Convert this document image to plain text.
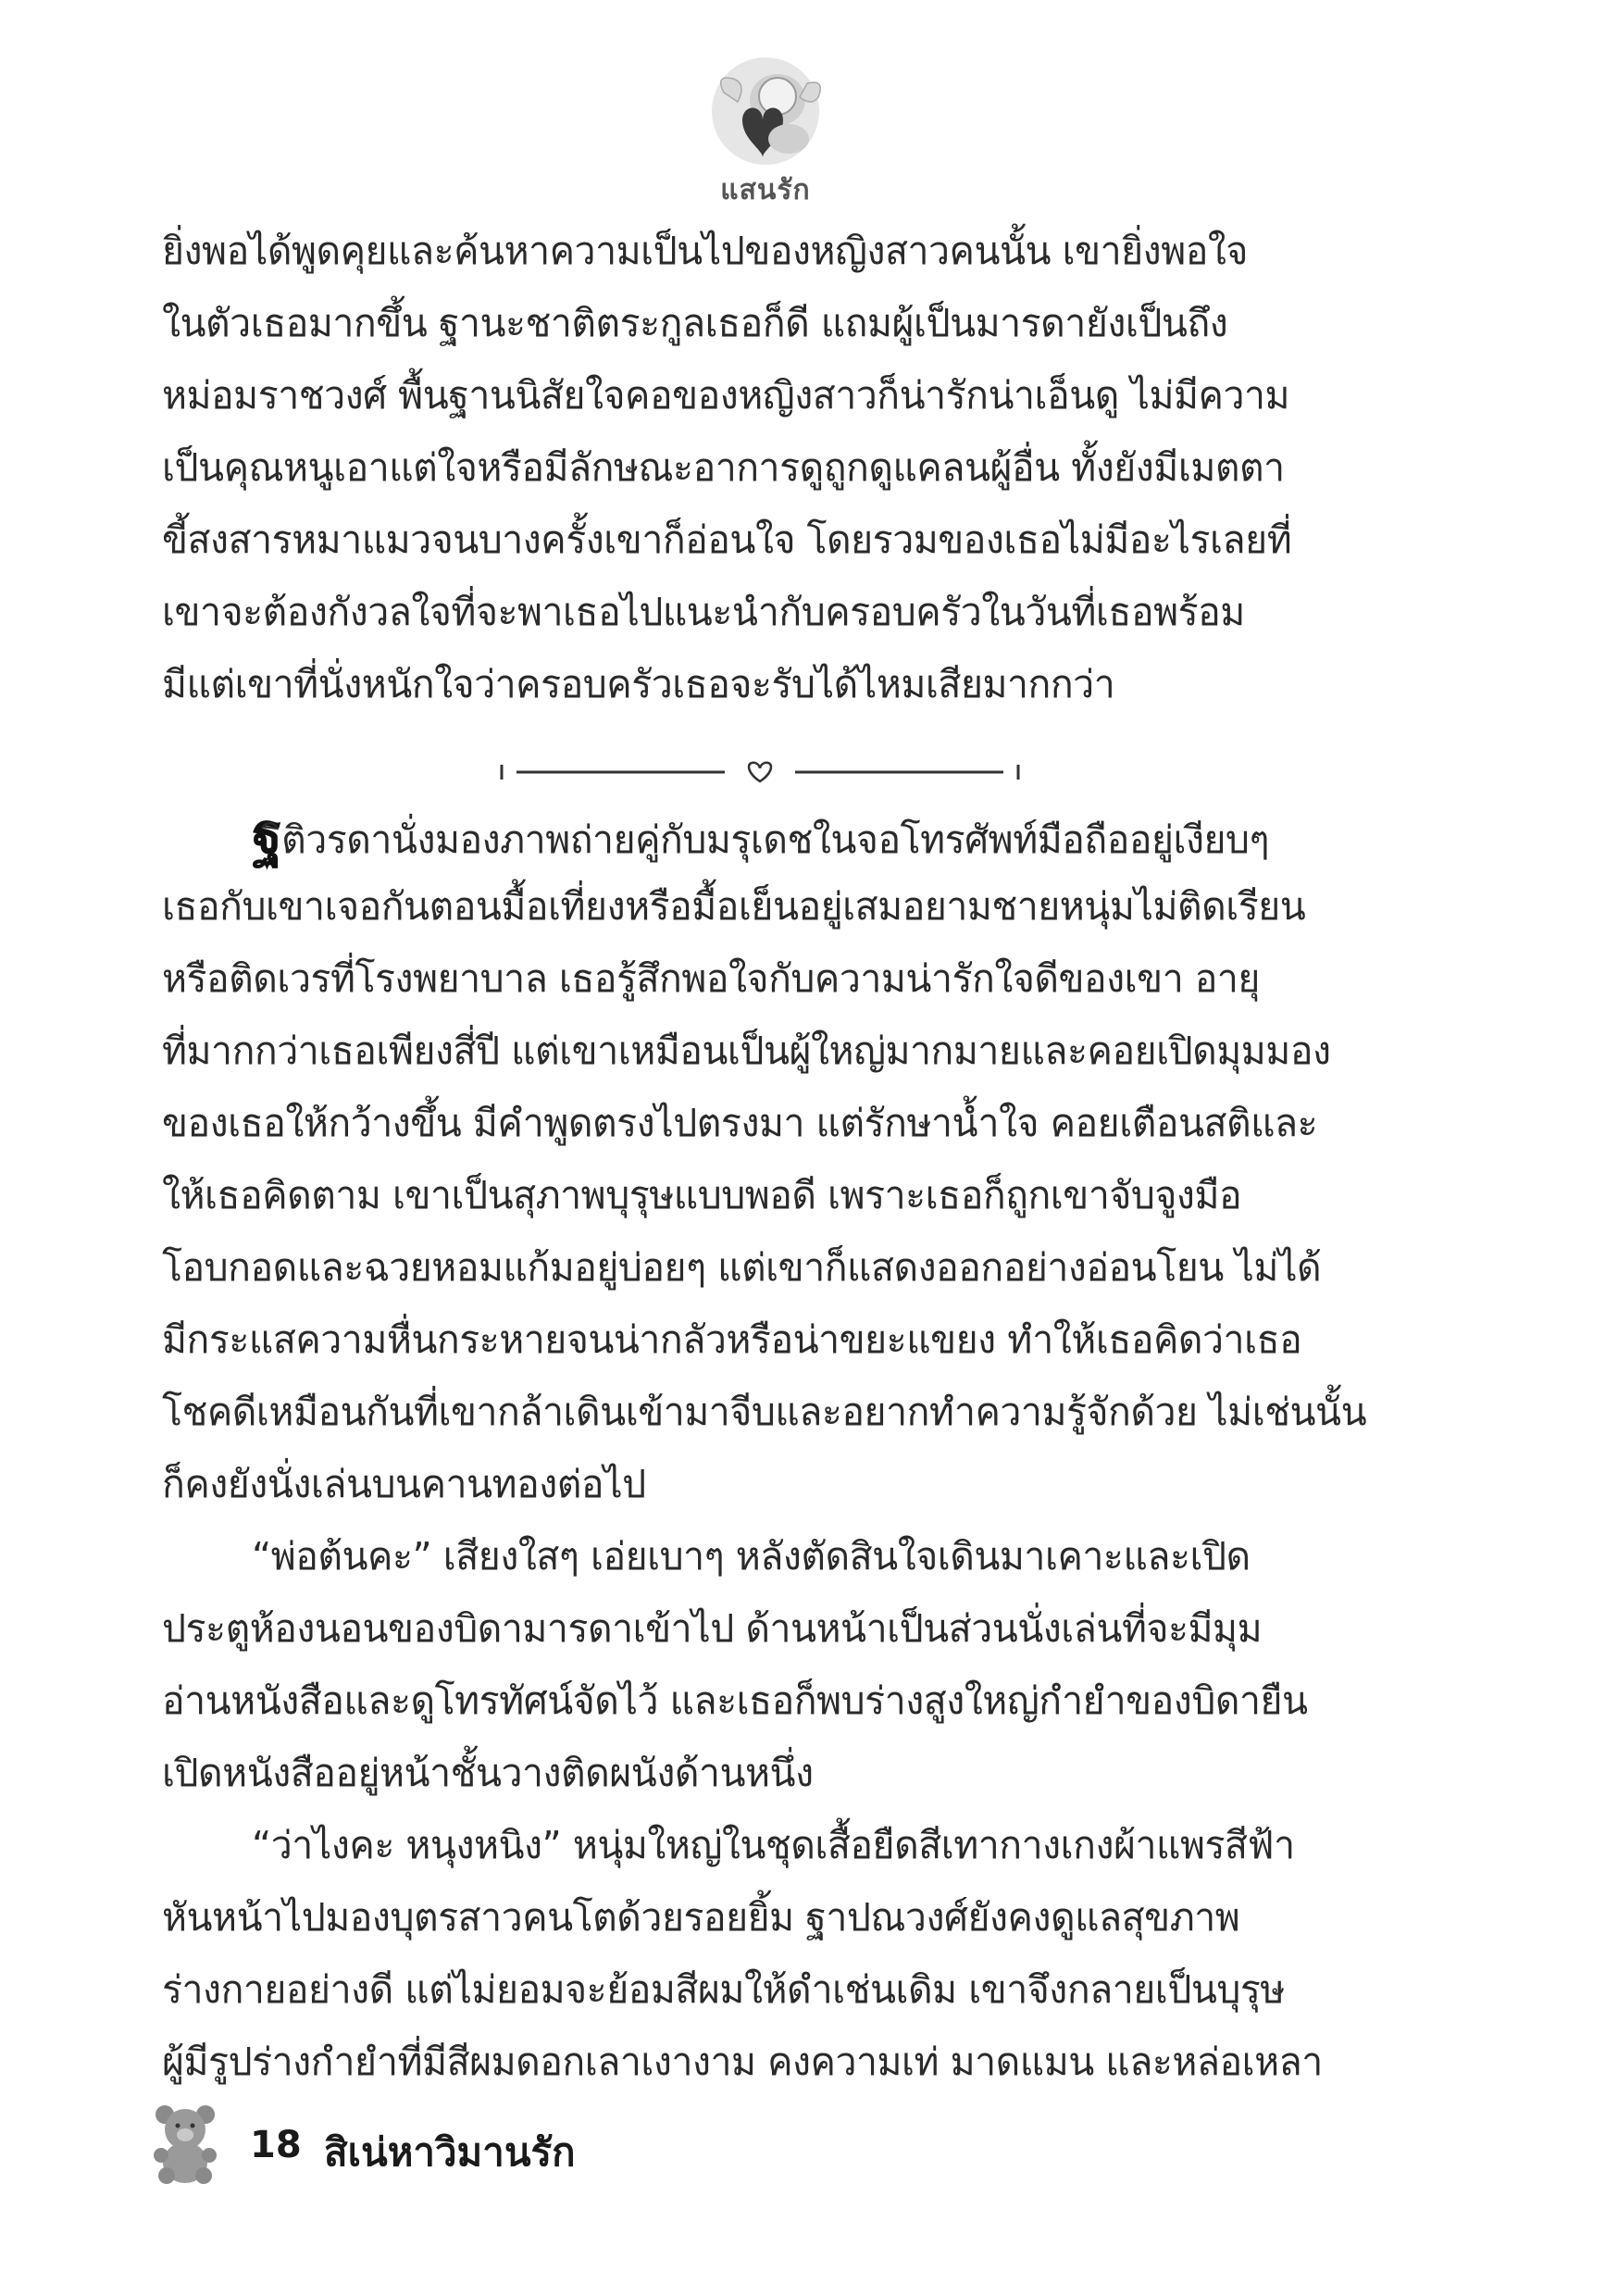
แสนรัก
ยิ่งพอได้พูดคุยและค้นหาความเป็นไปของหญิงสาวคนนั้น เขายิ่งพอใจ
ในตัวเธอมากขึ้น ฐานะชาติตระกูลเธอก็ดี แถมผู้เป็นมารดายังเป็นถึง
หม่อมราชวงศ์ พื้นฐานนิสัยใจคอของหญิงสาวก็น่ารักน่าเอ็นดู ไม่มีความ
เป็นคุณหนูเอาแต่ใจหรือมีลักษณะอาการดูถูกดูแคลนผู้อื่น ทั้งยังมีเมตตา
ขี้สงสารหมาแมวจนบางครั้งเขาก็อ่อนใจ โดยรวมของเธอไม่มีอะไรเลยที่
เขาจะต้องกังวลใจที่จะพาเธอไปแนะนำกับครอบครัวในวันที่เธอพร้อม
มีแต่เขาที่นั่งหนักใจว่าครอบครัวเธอจะรับได้ไหมเสียมากกว่า
ฐิติวรดานั่งมองภาพถ่ายคู่กับมรุเดชในจอโทรศัพท์มือถืออยู่เงียบๆ
เธอกับเขาเจอกันตอนมื้อเที่ยงหรือมื้อเย็นอยู่เสมอยามชายหนุ่มไม่ติดเรียน
หรือติดเวรที่โรงพยาบาล เธอรู้สึกพอใจกับความน่ารักใจดีของเขา อายุ
ที่มากกว่าเธอเพียงสี่ปี แต่เขาเหมือนเป็นผู้ใหญ่มากมายและคอยเปิดมุมมอง
ของเธอให้กว้างขึ้น มีคำพูดตรงไปตรงมา แต่รักษาน้ำใจ คอยเตือนสติและ
ให้เธอคิดตาม เขาเป็นสุภาพบุรุษแบบพอดี เพราะเธอก็ถูกเขาจับจูงมือ
โอบกอดและฉวยหอมแก้มอยู่บ่อยๆ แต่เขาก็แสดงออกอย่างอ่อนโยน ไม่ได้
มีกระแสความหื่นกระหายจนน่ากลัวหรือน่าขยะแขยง ทำให้เธอคิดว่าเธอ
โชคดีเหมือนกันที่เขากล้าเดินเข้ามาจีบและอยากทำความรู้จักด้วย ไม่เช่นนั้น
ก็คงยังนั่งเล่นบนคานทองต่อไป
“พ่อต้นคะ” เสียงใสๆ เอ่ยเบาๆ หลังตัดสินใจเดินมาเคาะและเปิด
ประตูห้องนอนของบิดามารดาเข้าไป ด้านหน้าเป็นส่วนนั่งเล่นที่จะมีมุม
อ่านหนังสือและดูโทรทัศน์จัดไว้ และเธอก็พบร่างสูงใหญ่กำยำของบิดายืน
เปิดหนังสืออยู่หน้าชั้นวางติดผนังด้านหนึ่ง
“ว่าไงคะ หนุงหนิง” หนุ่มใหญ่ในชุดเสื้อยืดสีเทากางเกงผ้าแพรสีฟ้า
หันหน้าไปมองบุตรสาวคนโตด้วยรอยยิ้ม ฐาปณวงศ์ยังคงดูแลสุขภาพ
ร่างกายอย่างดี แต่ไม่ยอมจะย้อมสีผมให้ดำเช่นเดิม เขาจึงกลายเป็นบุรุษ
ผู้มีรูปร่างกำยำที่มีสีผมดอกเลาเงางาม คงความเท่ มาดแมน และหล่อเหลา
18 สิเน่หาวิมานรัก
